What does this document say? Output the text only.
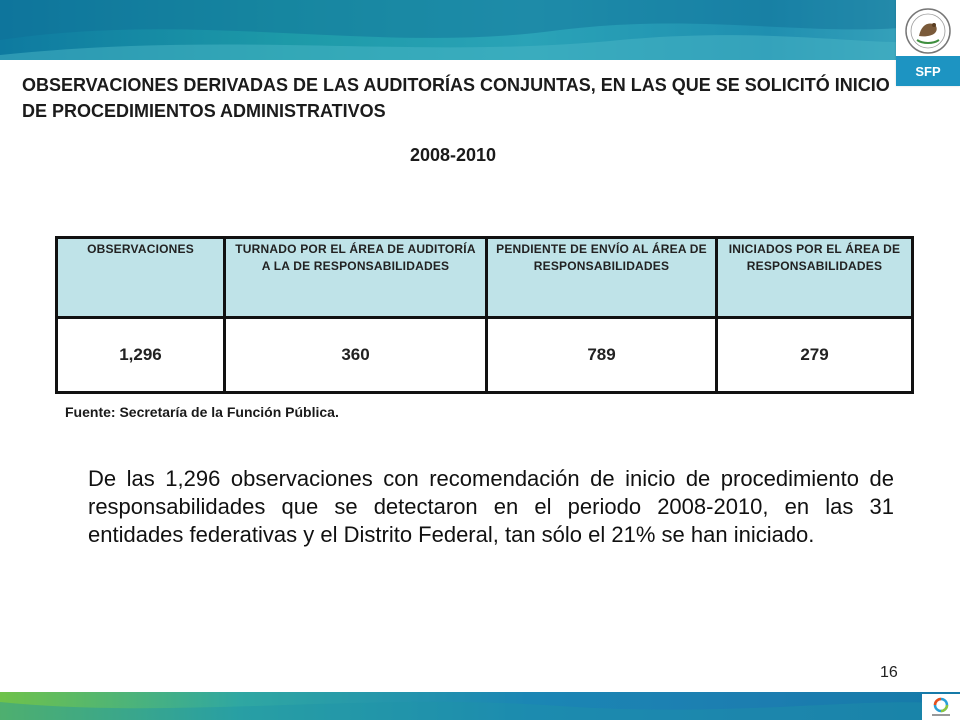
SFP
OBSERVACIONES DERIVADAS DE LAS AUDITORÍAS CONJUNTAS, EN LAS QUE SE SOLICITÓ INICIO DE PROCEDIMIENTOS ADMINISTRATIVOS
2008-2010
OBSERVACIONES	TURNADO POR EL ÁREA DE AUDITORÍA A LA DE RESPONSABILIDADES	PENDIENTE DE ENVÍO AL ÁREA DE RESPONSABILIDADES	INICIADOS POR EL ÁREA DE RESPONSABILIDADES
1,296	360	789	279
Fuente: Secretaría de la Función Pública.
De las 1,296 observaciones con recomendación de inicio de procedimiento de responsabilidades que se detectaron en el periodo 2008-2010, en las 31 entidades federativas y el Distrito Federal, tan sólo el 21% se han iniciado.
16
